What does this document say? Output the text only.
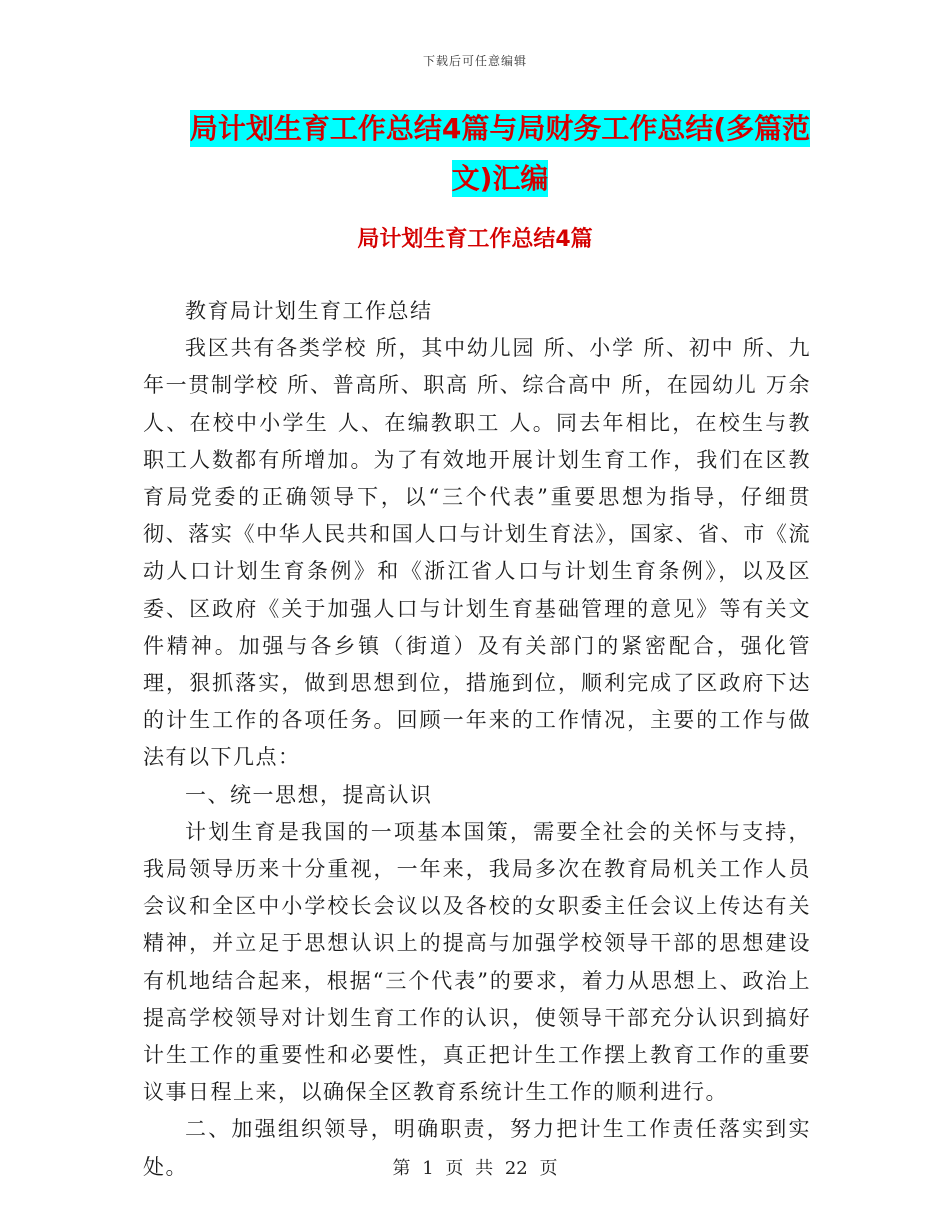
下载后可任意编辑
局计划生育工作总结4篇与局财务工作总结(多篇范
文)汇编
局计划生育工作总结4篇

教育局计划生育工作总结

我区共有各类学校 所，其中幼儿园 所、小学 所、初中 所、九年一贯制学校 所、普高所、职高 所、综合高中 所，在园幼儿 万余人、在校中小学生 人、在编教职工 人。同去年相比，在校生与教职工人数都有所增加。为了有效地开展计划生育工作，我们在区教育局党委的正确领导下，以“三个代表”重要思想为指导，仔细贯彻、落实《中华人民共和国人口与计划生育法》，国家、省、市《流动人口计划生育条例》和《浙江省人口与计划生育条例》，以及区委、区政府《关于加强人口与计划生育基础管理的意见》等有关文件精神。加强与各乡镇（街道）及有关部门的紧密配合，强化管理，狠抓落实，做到思想到位，措施到位，顺利完成了区政府下达的计生工作的各项任务。回顾一年来的工作情况，主要的工作与做法有以下几点：

一、统一思想，提高认识

计划生育是我国的一项基本国策，需要全社会的关怀与支持，我局领导历来十分重视，一年来，我局多次在教育局机关工作人员会议和全区中小学校长会议以及各校的女职委主任会议上传达有关精神，并立足于思想认识上的提高与加强学校领导干部的思想建设有机地结合起来，根据“三个代表”的要求，着力从思想上、政治上提高学校领导对计划生育工作的认识，使领导干部充分认识到搞好计生工作的重要性和必要性，真正把计生工作摆上教育工作的重要议事日程上来，以确保全区教育系统计生工作的顺利进行。

二、加强组织领导，明确职责，努力把计生工作责任落实到实处。	第 1 页 共 22 页
